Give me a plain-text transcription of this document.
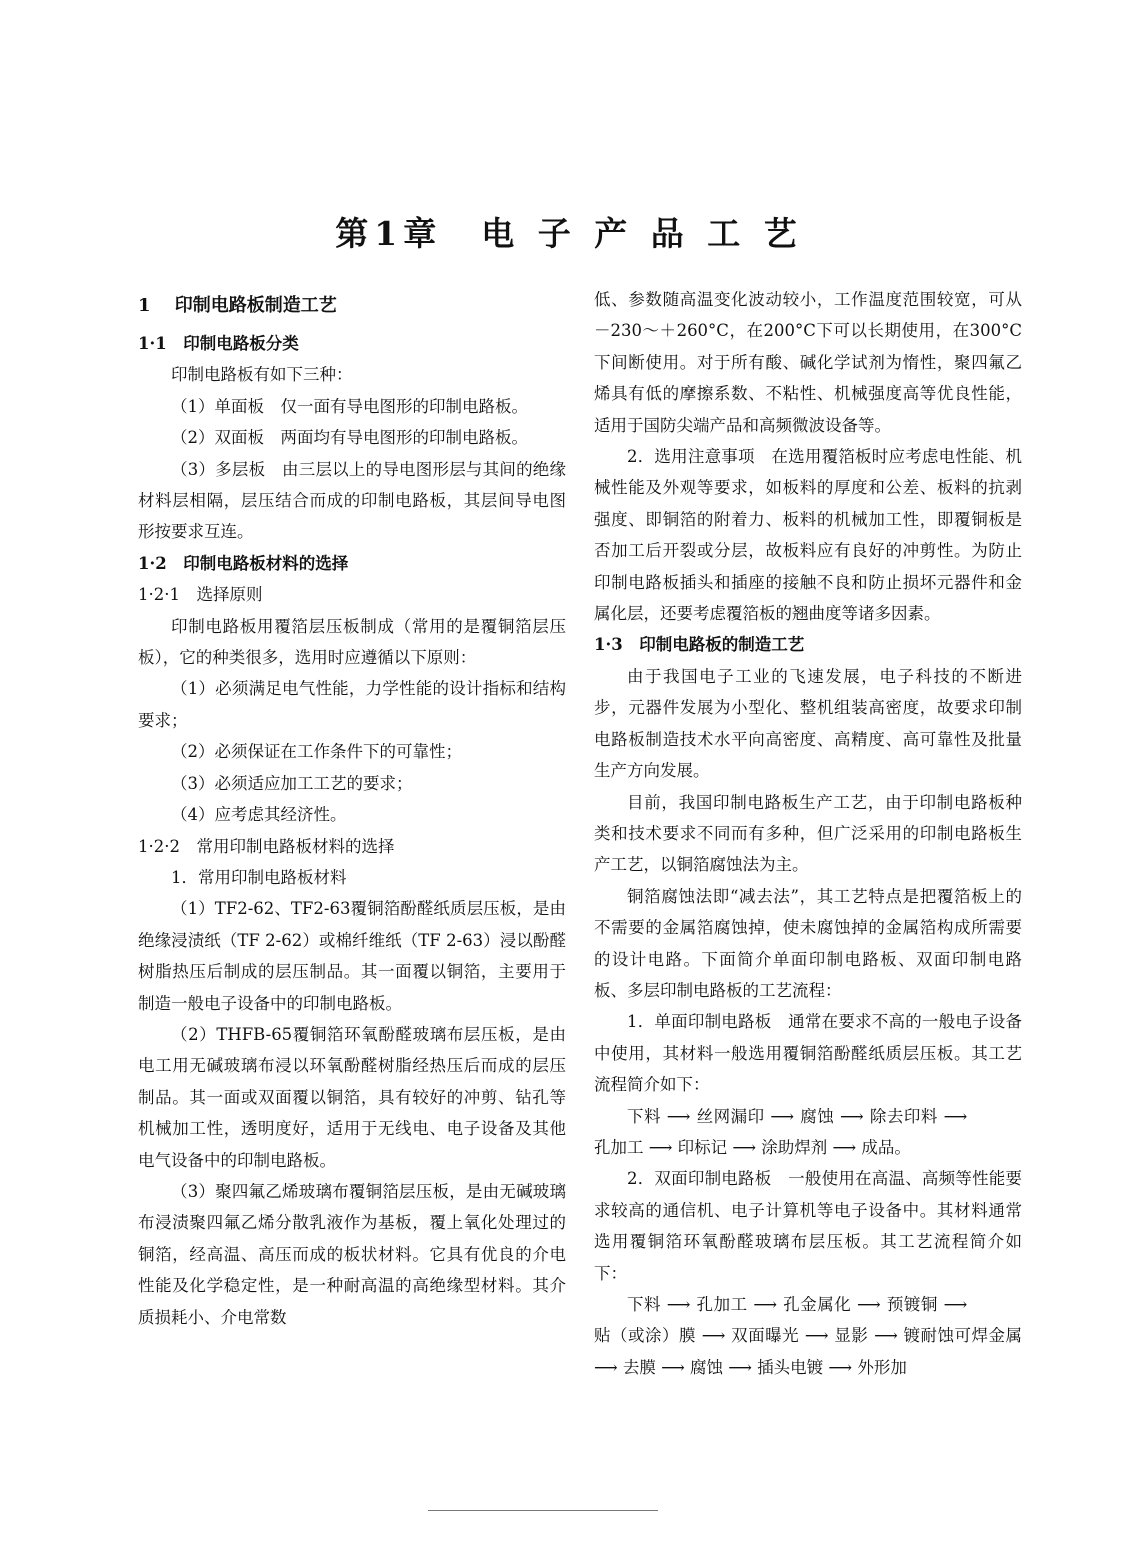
第1章　电 子 产 品 工 艺

1　 印制电路板制造工艺

1·1　印制电路板分类

印制电路板有如下三种：

（1）单面板　仅一面有导电图形的印制电路板。

（2）双面板　两面均有导电图形的印制电路板。

（3）多层板　由三层以上的导电图形层与其间的绝缘材料层相隔，层压结合而成的印制电路板，其层间导电图形按要求互连。

1·2　印制电路板材料的选择

1·2·1　选择原则

印制电路板用覆箔层压板制成（常用的是覆铜箔层压板），它的种类很多，选用时应遵循以下原则：

（1）必须满足电气性能，力学性能的设计指标和结构要求；

（2）必须保证在工作条件下的可靠性；

（3）必须适应加工工艺的要求；

（4）应考虑其经济性。

1·2·2　常用印制电路板材料的选择

1．常用印制电路板材料

（1）TF2-62、TF2-63覆铜箔酚醛纸质层压板，是由绝缘浸渍纸（TF 2-62）或棉纤维纸（TF 2-63）浸以酚醛树脂热压后制成的层压制品。其一面覆以铜箔，主要用于制造一般电子设备中的印制电路板。

（2）THFB-65覆铜箔环氧酚醛玻璃布层压板，是由电工用无碱玻璃布浸以环氧酚醛树脂经热压后而成的层压制品。其一面或双面覆以铜箔，具有较好的冲剪、钻孔等机械加工性，透明度好，适用于无线电、电子设备及其他电气设备中的印制电路板。

（3）聚四氟乙烯玻璃布覆铜箔层压板，是由无碱玻璃布浸渍聚四氟乙烯分散乳液作为基板，覆上氧化处理过的铜箔，经高温、高压而成的板状材料。它具有优良的介电性能及化学稳定性，是一种耐高温的高绝缘型材料。其介质损耗小、介电常数

低、参数随高温变化波动较小，工作温度范围较宽，可从－230～＋260°C，在200°C下可以长期使用，在300°C下间断使用。对于所有酸、碱化学试剂为惰性，聚四氟乙烯具有低的摩擦系数、不粘性、机械强度高等优良性能，适用于国防尖端产品和高频微波设备等。

2．选用注意事项　在选用覆箔板时应考虑电性能、机械性能及外观等要求，如板料的厚度和公差、板料的抗剥强度、即铜箔的附着力、板料的机械加工性，即覆铜板是否加工后开裂或分层，故板料应有良好的冲剪性。为防止印制电路板插头和插座的接触不良和防止损坏元器件和金属化层，还要考虑覆箔板的翘曲度等诸多因素。

1·3　印制电路板的制造工艺

由于我国电子工业的飞速发展，电子科技的不断进步，元器件发展为小型化、整机组装高密度，故要求印制电路板制造技术水平向高密度、高精度、高可靠性及批量生产方向发展。

目前，我国印制电路板生产工艺，由于印制电路板种类和技术要求不同而有多种，但广泛采用的印制电路板生产工艺，以铜箔腐蚀法为主。

铜箔腐蚀法即“减去法”，其工艺特点是把覆箔板上的不需要的金属箔腐蚀掉，使未腐蚀掉的金属箔构成所需要的设计电路。下面简介单面印制电路板、双面印制电路板、多层印制电路板的工艺流程：

1．单面印制电路板　通常在要求不高的一般电子设备中使用，其材料一般选用覆铜箔酚醛纸质层压板。其工艺流程简介如下：

下料 ⟶ 丝网漏印 ⟶ 腐蚀 ⟶ 除去印料 ⟶

孔加工 ⟶ 印标记 ⟶ 涂助焊剂 ⟶ 成品。

2．双面印制电路板　一般使用在高温、高频等性能要求较高的通信机、电子计算机等电子设备中。其材料通常选用覆铜箔环氧酚醛玻璃布层压板。其工艺流程简介如下：

下料 ⟶ 孔加工 ⟶ 孔金属化 ⟶ 预镀铜 ⟶

贴（或涂）膜 ⟶ 双面曝光 ⟶ 显影 ⟶ 镀耐蚀可焊金属 ⟶ 去膜 ⟶ 腐蚀 ⟶ 插头电镀 ⟶ 外形加
